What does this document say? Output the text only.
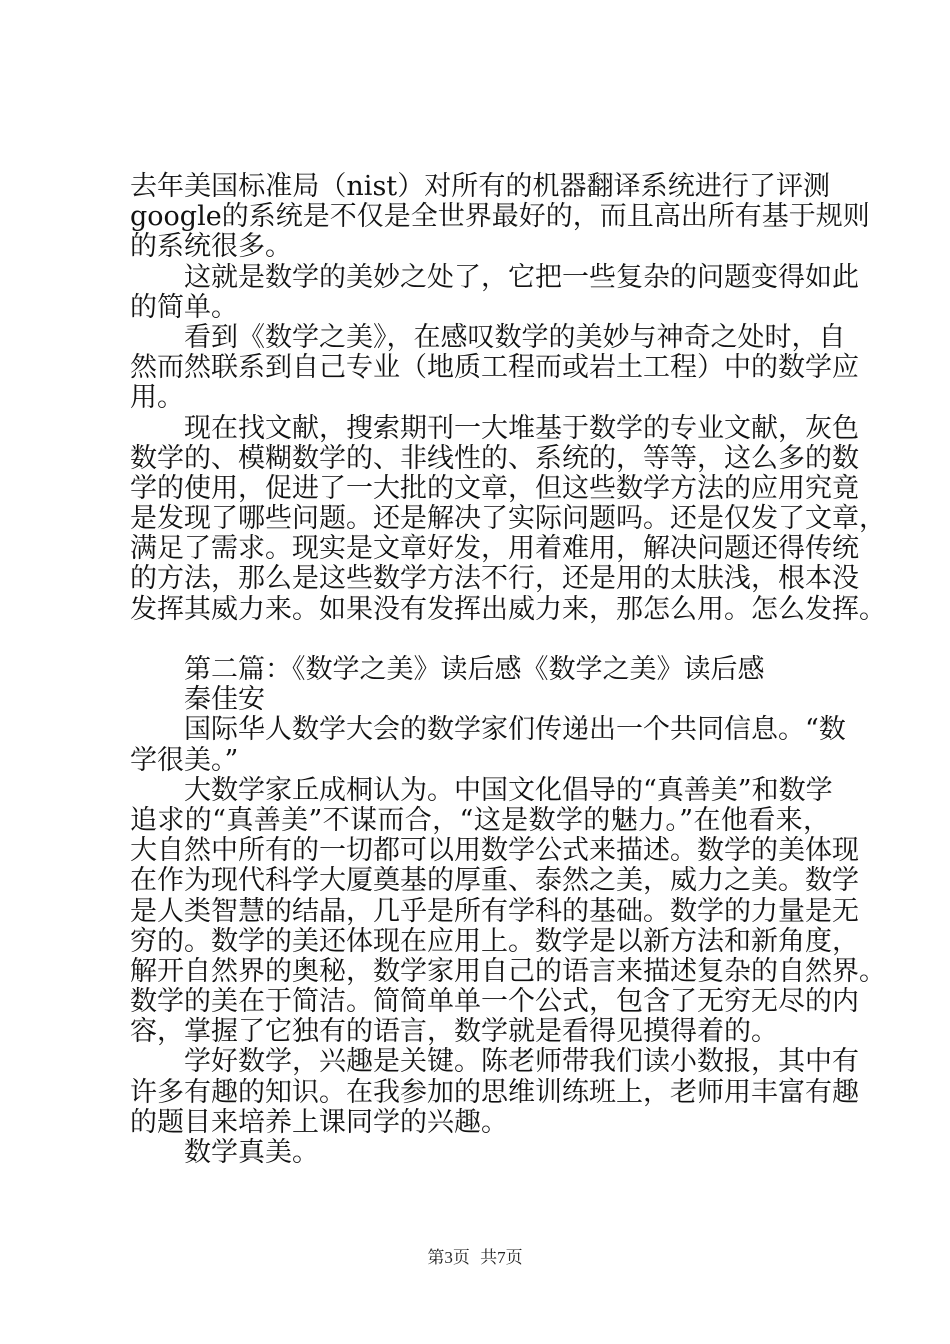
去年美国标准局（nist）对所有的机器翻译系统进行了评测
google的系统是不仅是全世界最好的，而且高出所有基于规则
的系统很多。
这就是数学的美妙之处了，它把一些复杂的问题变得如此
的简单。
看到《数学之美》，在感叹数学的美妙与神奇之处时，自
然而然联系到自己专业（地质工程而或岩土工程）中的数学应
用。
现在找文献，搜索期刊一大堆基于数学的专业文献，灰色
数学的、模糊数学的、非线性的、系统的，等等，这么多的数
学的使用，促进了一大批的文章，但这些数学方法的应用究竟
是发现了哪些问题。还是解决了实际问题吗。还是仅发了文章，
满足了需求。现实是文章好发，用着难用，解决问题还得传统
的方法，那么是这些数学方法不行，还是用的太肤浅，根本没
发挥其威力来。如果没有发挥出威力来，那怎么用。怎么发挥。
第二篇：《数学之美》读后感《数学之美》读后感
秦佳安
国际华人数学大会的数学家们传递出一个共同信息。“数
学很美。”
大数学家丘成桐认为。中国文化倡导的“真善美”和数学
追求的“真善美”不谋而合，“这是数学的魅力。”在他看来，
大自然中所有的一切都可以用数学公式来描述。数学的美体现
在作为现代科学大厦奠基的厚重、泰然之美，威力之美。数学
是人类智慧的结晶，几乎是所有学科的基础。数学的力量是无
穷的。数学的美还体现在应用上。数学是以新方法和新角度，
解开自然界的奥秘，数学家用自己的语言来描述复杂的自然界。
数学的美在于简洁。简简单单一个公式，包含了无穷无尽的内
容，掌握了它独有的语言，数学就是看得见摸得着的。
学好数学，兴趣是关键。陈老师带我们读小数报，其中有
许多有趣的知识。在我参加的思维训练班上，老师用丰富有趣
的题目来培养上课同学的兴趣。
数学真美。
第3页 共7页
